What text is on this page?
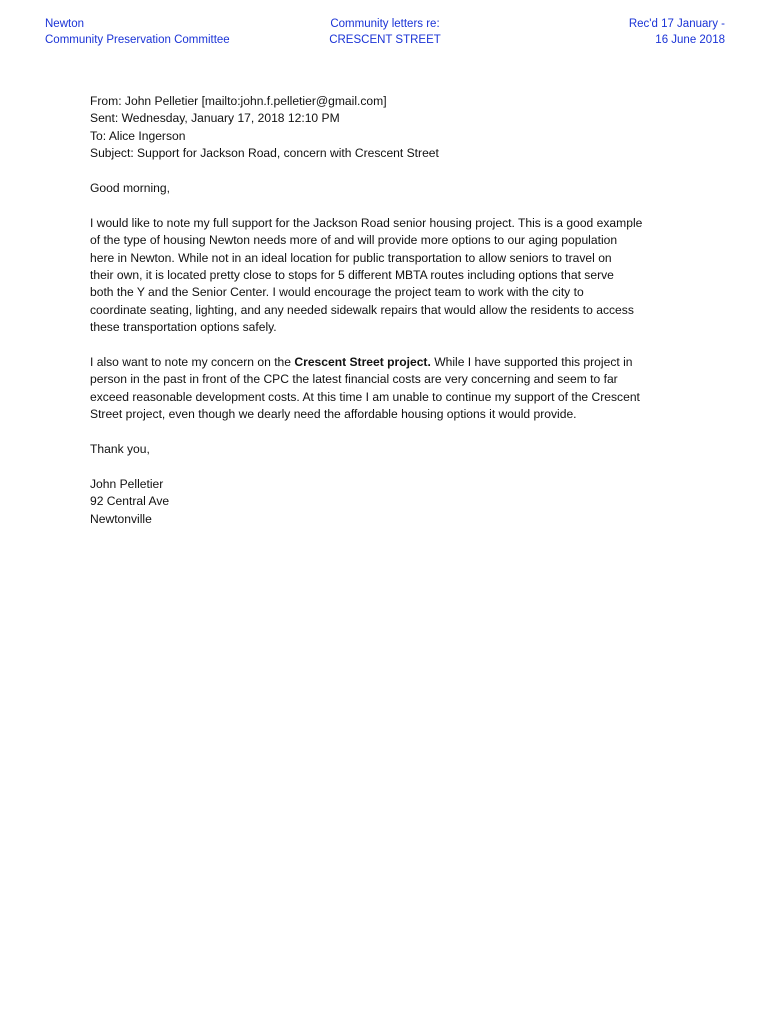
Newton
Community Preservation Committee
Community letters re:
CRESCENT STREET
Rec'd 17 January -
16 June 2018

From: John Pelletier [mailto:john.f.pelletier@gmail.com]

Sent: Wednesday, January 17, 2018 12:10 PM

To: Alice Ingerson

Subject: Support for Jackson Road, concern with Crescent Street

Good morning,

I would like to note my full support for the Jackson Road senior housing project. This is a good example

of the type of housing Newton needs more of and will provide more options to our aging population

here in Newton. While not in an ideal location for public transportation to allow seniors to travel on

their own, it is located pretty close to stops for 5 different MBTA routes including options that serve

both the Y and the Senior Center. I would encourage the project team to work with the city to

coordinate seating, lighting, and any needed sidewalk repairs that would allow the residents to access

these transportation options safely.

I also want to note my concern on the Crescent Street project. While I have supported this project in

person in the past in front of the CPC the latest financial costs are very concerning and seem to far

exceed reasonable development costs. At this time I am unable to continue my support of the Crescent

Street project, even though we dearly need the affordable housing options it would provide.

Thank you,

John Pelletier

92 Central Ave

Newtonville
